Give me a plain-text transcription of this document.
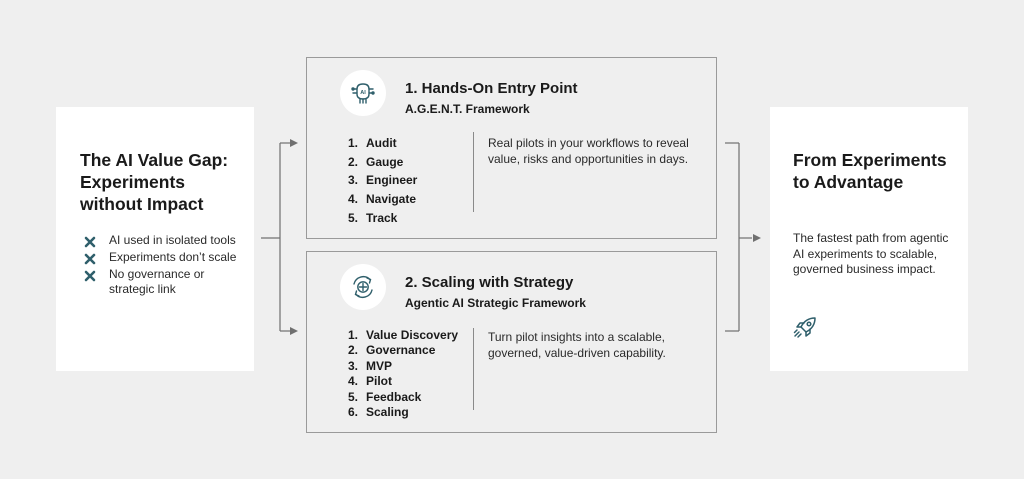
The AI Value Gap: Experiments without Impact
AI used in isolated tools
Experiments don’t scale
No governance or strategic link
AI	1. Hands-On Entry Point
A.G.E.N.T. Framework
1. Audit
2. Gauge
3. Engineer
4. Navigate
5. Track
Real pilots in your workflows to reveal value, risks and opportunities in days.
2. Scaling with Strategy
Agentic AI Strategic Framework
1. Value Discovery
2. Governance
3. MVP
4. Pilot
5. Feedback
6. Scaling
Turn pilot insights into a scalable, governed, value-driven capability.
From Experiments to Advantage
The fastest path from agentic AI experiments to scalable, governed business impact.
